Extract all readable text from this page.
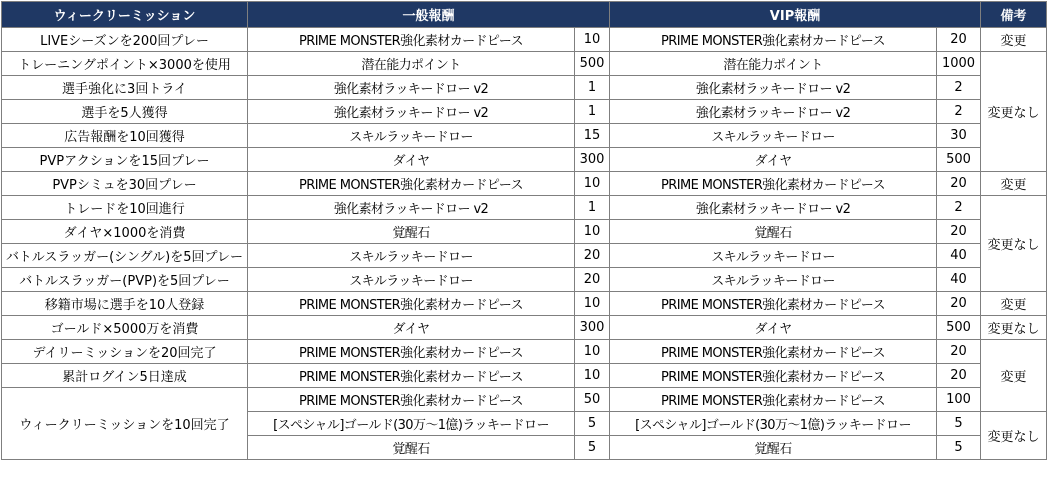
ウィークリーミッション	一般報酬		VIP報酬		備考
LIVEシーズンを200回プレー	PRIME MONSTER強化素材カードピース	10	PRIME MONSTER強化素材カードピース	20	変更
トレーニングポイント×3000を使用	潜在能力ポイント	500	潜在能力ポイント	1000	変更なし
選手強化に3回トライ	強化素材ラッキードロー v2	1	強化素材ラッキードロー v2	2	
選手を5人獲得	強化素材ラッキードロー v2	1	強化素材ラッキードロー v2	2	
広告報酬を10回獲得	スキルラッキードロー	15	スキルラッキードロー	30	
PVPアクションを15回プレー	ダイヤ	300	ダイヤ	500	
PVPシミュを30回プレー	PRIME MONSTER強化素材カードピース	10	PRIME MONSTER強化素材カードピース	20	変更
トレードを10回進行	強化素材ラッキードロー v2	1	強化素材ラッキードロー v2	2	変更なし
ダイヤ×1000を消費	覚醒石	10	覚醒石	20	
バトルスラッガー(シングル)を5回プレー	スキルラッキードロー	20	スキルラッキードロー	40	
バトルスラッガー(PVP)を5回プレー	スキルラッキードロー	20	スキルラッキードロー	40	
移籍市場に選手を10人登録	PRIME MONSTER強化素材カードピース	10	PRIME MONSTER強化素材カードピース	20	変更
ゴールド×5000万を消費	ダイヤ	300	ダイヤ	500	変更なし
デイリーミッションを20回完了	PRIME MONSTER強化素材カードピース	10	PRIME MONSTER強化素材カードピース	20	変更
累計ログイン5日達成	PRIME MONSTER強化素材カードピース	10	PRIME MONSTER強化素材カードピース	20	
ウィークリーミッションを10回完了	PRIME MONSTER強化素材カードピース	50	PRIME MONSTER強化素材カードピース	100	
	[スペシャル]ゴールド(30万～1億)ラッキードロー	5	[スペシャル]ゴールド(30万～1億)ラッキードロー	5	変更なし
	覚醒石	5	覚醒石	5	
